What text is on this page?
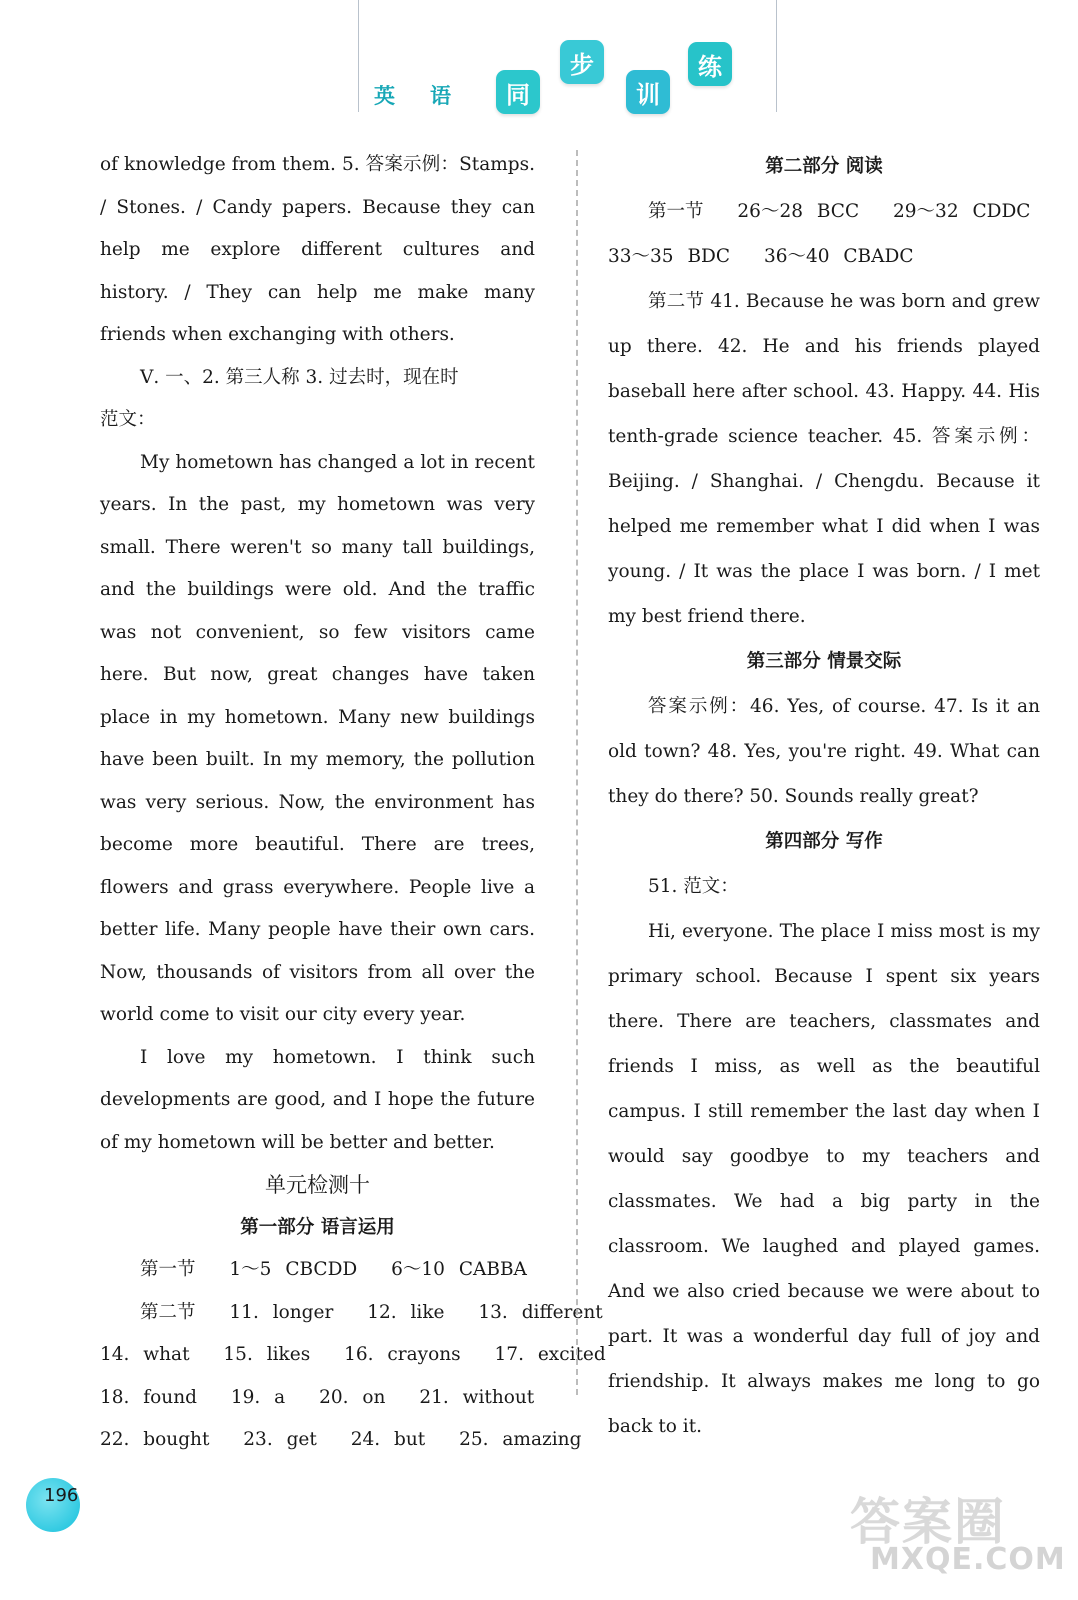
英 语	同
步
训
练

of knowledge from them. 5. 答案示例：Stamps. / Stones. / Candy papers. Because they can help me explore different cultures and history. / They can help me make many friends when exchanging with others.

Ⅴ. 一、2. 第三人称 3. 过去时，现在时

范文：

My hometown has changed a lot in recent years. In the past, my hometown was very small. There weren't so many tall buildings, and the buildings were old. And the traffic was not convenient, so few visitors came here. But now, great changes have taken place in my hometown. Many new buildings have been built. In my memory, the pollution was very serious. Now, the environment has become more beautiful. There are trees, flowers and grass everywhere. People live a better life. Many people have their own cars. Now, thousands of visitors from all over the world come to visit our city every year.

I love my hometown. I think such developments are good, and I hope the future of my hometown will be better and better.

单元检测十

第一部分 语言运用

第一节 1～5 CBCDD 6～10 CABBA

第二节 11. longer 12. like 13. different

14. what 15. likes 16. crayons 17. excited

18. found 19. a 20. on 21. without

22. bought 23. get 24. but 25. amazing

第二部分 阅读

第一节 26～28 BCC 29～32 CDDC

33～35 BDC 36～40 CBADC

第二节 41. Because he was born and grew up there. 42. He and his friends played baseball here after school. 43. Happy. 44. His tenth-grade science teacher. 45. 答案示例：Beijing. / Shanghai. / Chengdu. Because it helped me remember what I did when I was young. / It was the place I was born. / I met my best friend there.

第三部分 情景交际

答案示例：46. Yes, of course. 47. Is it an old town? 48. Yes, you're right. 49. What can they do there? 50. Sounds really great?

第四部分 写作

51. 范文：

Hi, everyone. The place I miss most is my primary school. Because I spent six years there. There are teachers, classmates and friends I miss, as well as the beautiful campus. I still remember the last day when I would say goodbye to my teachers and classmates. We had a big party in the classroom. We laughed and played games. And we also cried because we were about to part. It was a wonderful day full of joy and friendship. It always makes me long to go back to it.

196	答案圈
MXQE.COM
